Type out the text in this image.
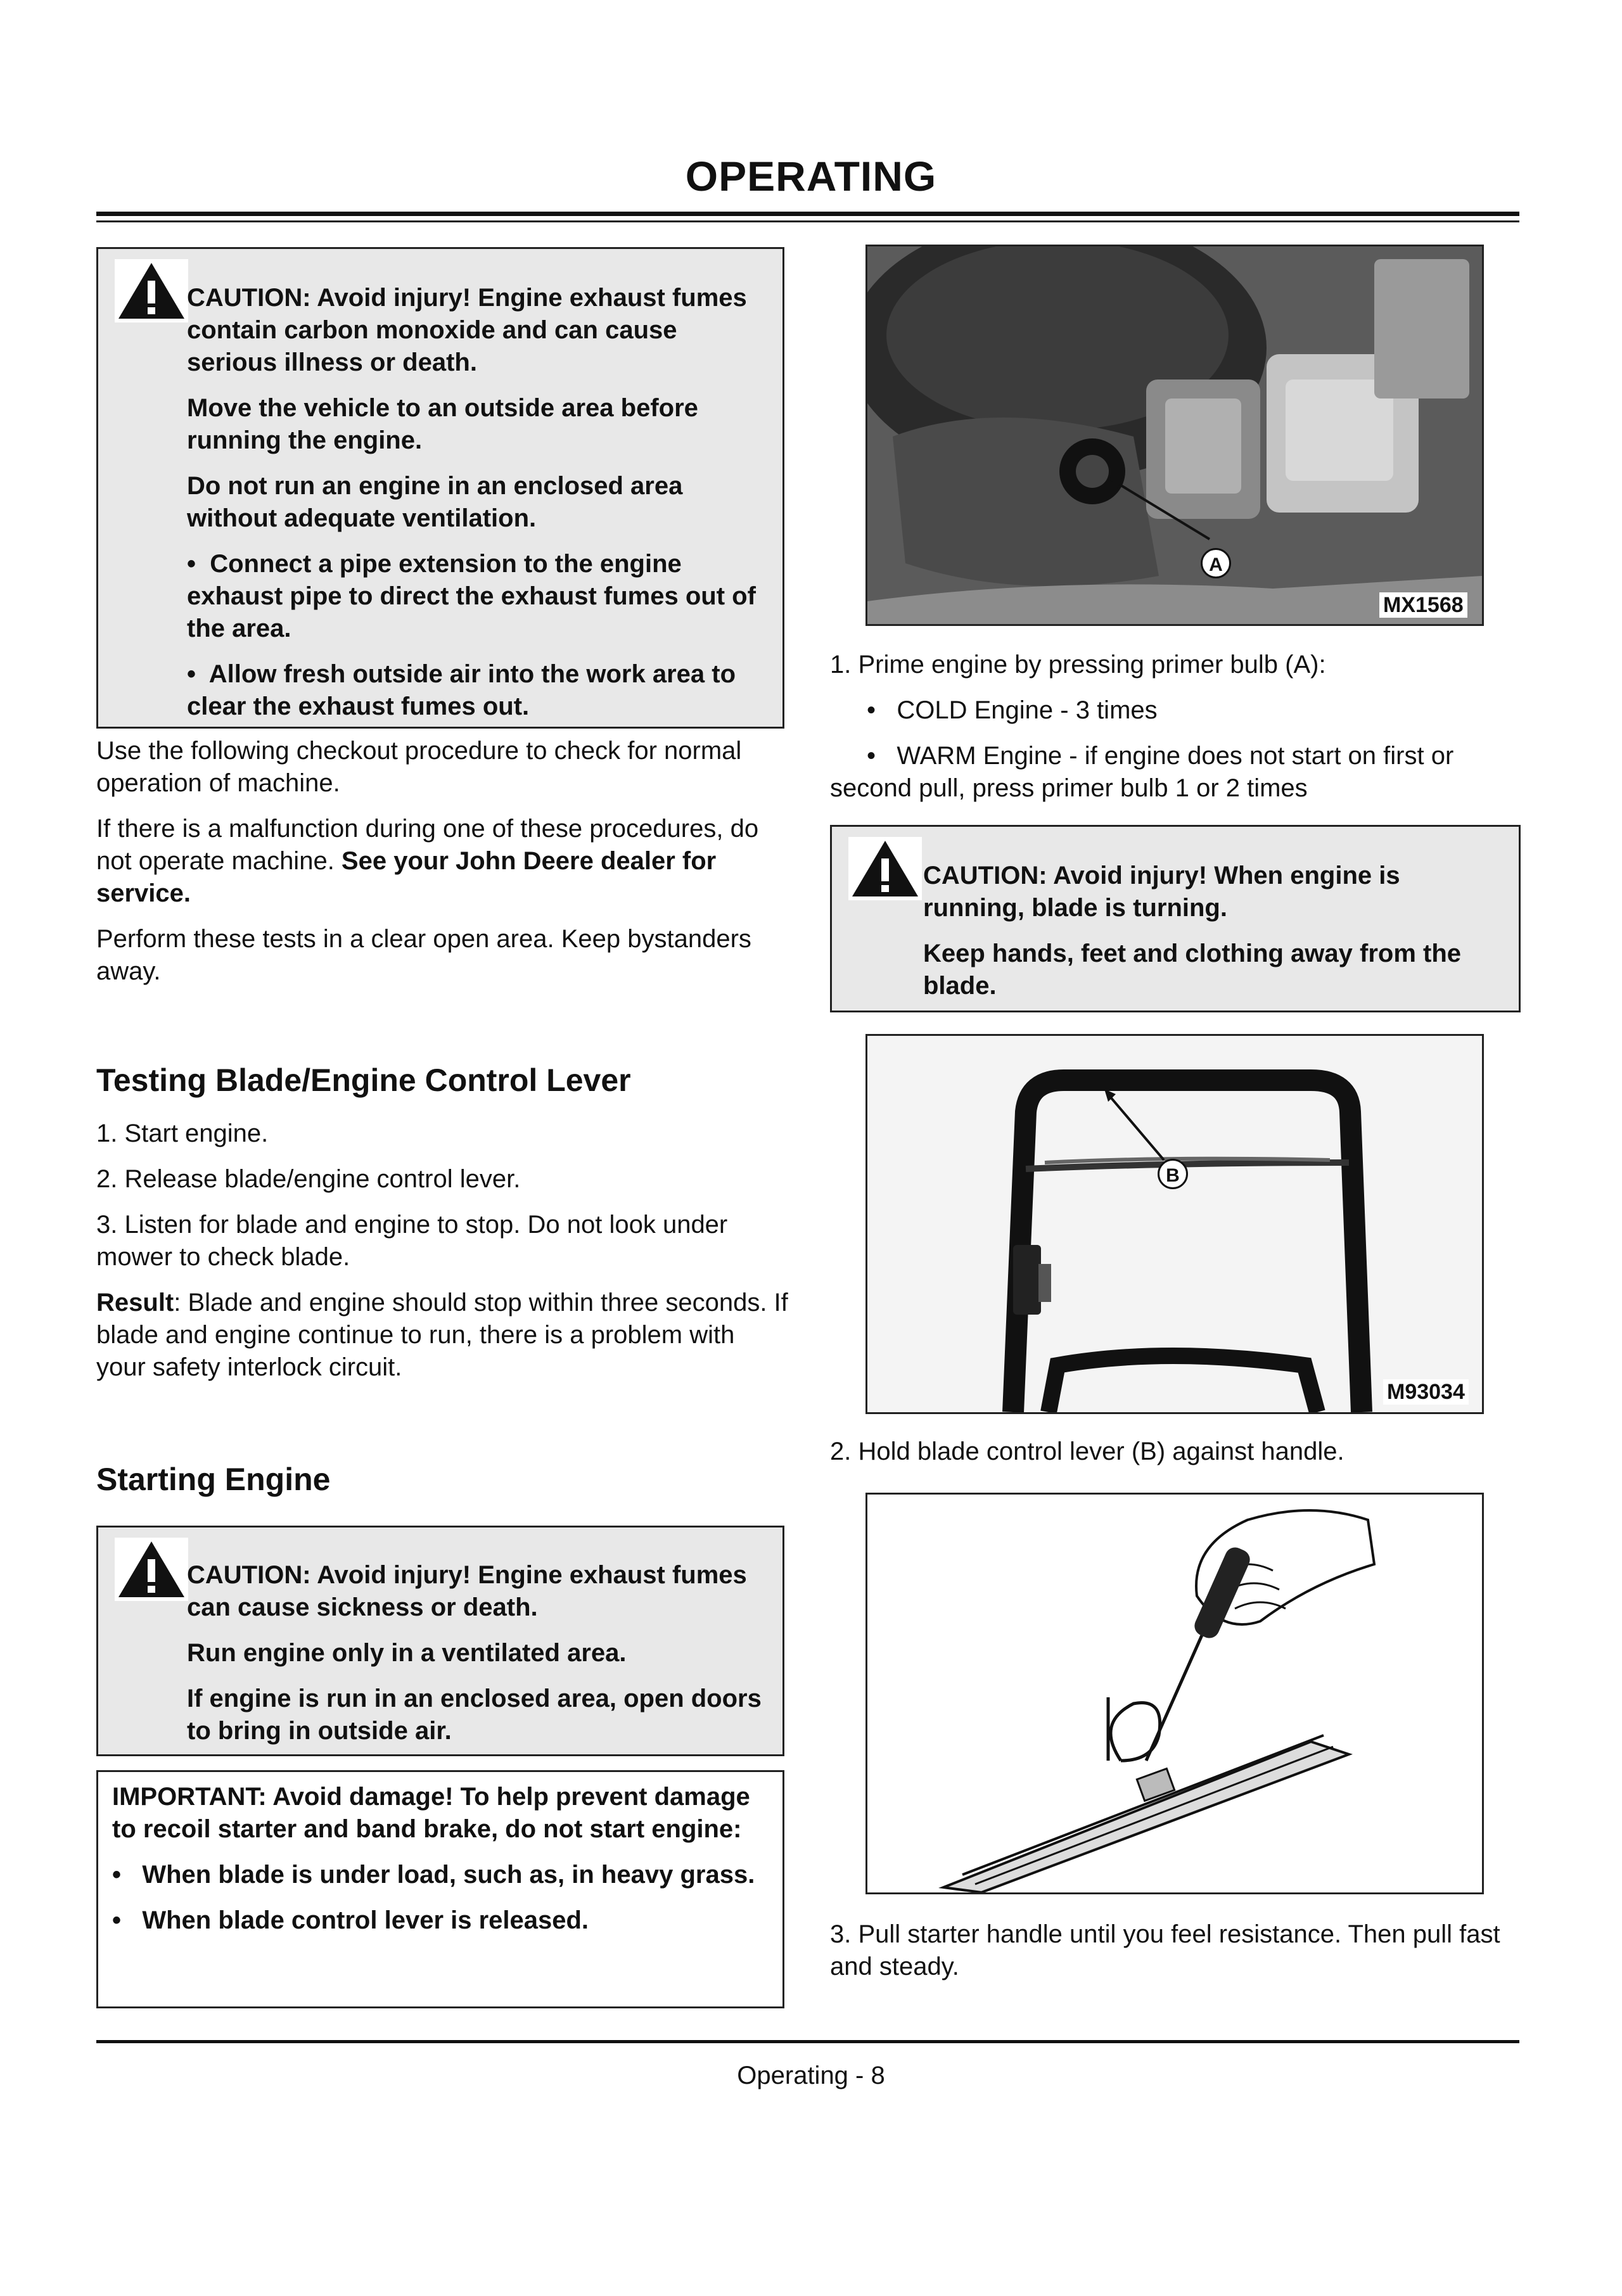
OPERATING

CAUTION: Avoid injury! Engine exhaust fumes contain carbon monoxide and can cause serious illness or death.

Move the vehicle to an outside area before running the engine.

Do not run an engine in an enclosed area without adequate ventilation.

• Connect a pipe extension to the engine exhaust pipe to direct the exhaust fumes out of the area.

• Allow fresh outside air into the work area to clear the exhaust fumes out.

Use the following checkout procedure to check for normal operation of machine.

If there is a malfunction during one of these procedures, do not operate machine. See your John Deere dealer for service.

Perform these tests in a clear open area. Keep bystanders away.

Testing Blade/Engine Control Lever

1. Start engine.

2. Release blade/engine control lever.

3. Listen for blade and engine to stop. Do not look under mower to check blade.

Result: Blade and engine should stop within three seconds. If blade and engine continue to run, there is a problem with your safety interlock circuit.

Starting Engine

CAUTION: Avoid injury! Engine exhaust fumes can cause sickness or death.

Run engine only in a ventilated area.

If engine is run in an enclosed area, open doors to bring in outside air.

IMPORTANT: Avoid damage! To help prevent damage to recoil starter and band brake, do not start engine:

• When blade is under load, such as, in heavy grass.

• When blade control lever is released.

A
MX1568

1. Prime engine by pressing primer bulb (A):

• COLD Engine - 3 times

• WARM Engine - if engine does not start on first or second pull, press primer bulb 1 or 2 times

CAUTION: Avoid injury! When engine is running, blade is turning.

Keep hands, feet and clothing away from the blade.

B
M93034

2. Hold blade control lever (B) against handle.

3. Pull starter handle until you feel resistance. Then pull fast and steady.

Operating - 8
